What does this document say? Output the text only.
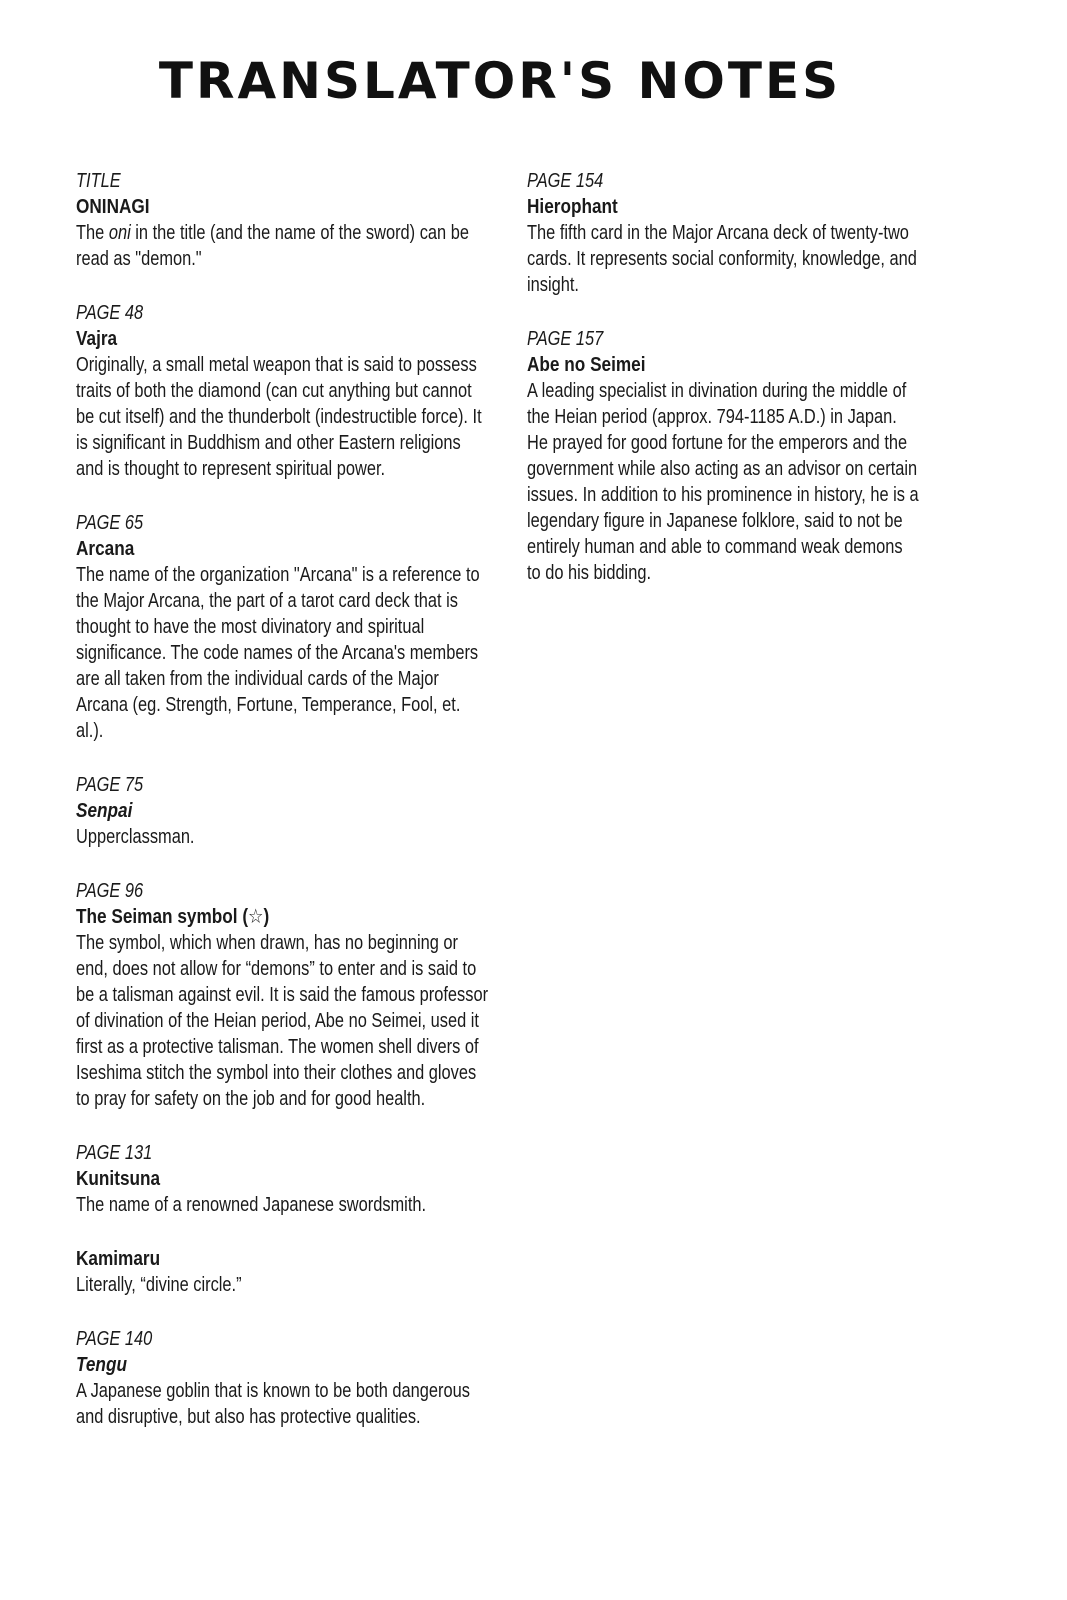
TRANSLATOR'S NOTES
TITLE
ONINAGI

The oni in the title (and the name of the sword) can be read as "demon."

PAGE 48
Vajra

Originally, a small metal weapon that is said to possess traits of both the diamond (can cut anything but cannot be cut itself) and the thunderbolt (indestructible force). It is significant in Buddhism and other Eastern religions and is thought to represent spiritual power.

PAGE 65
Arcana

The name of the organization "Arcana" is a reference to the Major Arcana, the part of a tarot card deck that is thought to have the most divinatory and spiritual significance. The code names of the Arcana's members are all taken from the individual cards of the Major Arcana (eg. Strength, Fortune, Temperance, Fool, et. al.).

PAGE 75
Senpai

Upperclassman.

PAGE 96
The Seiman symbol (☆)

The symbol, which when drawn, has no beginning or end, does not allow for “demons” to enter and is said to be a talisman against evil. It is said the famous professor of divination of the Heian period, Abe no Seimei, used it first as a protective talisman. The women shell divers of Iseshima stitch the symbol into their clothes and gloves to pray for safety on the job and for good health.

PAGE 131
Kunitsuna

The name of a renowned Japanese swordsmith.

Kamimaru

Literally, “divine circle.”

PAGE 140
Tengu

A Japanese goblin that is known to be both dangerous and disruptive, but also has protective qualities.

PAGE 154
Hierophant

The fifth card in the Major Arcana deck of twenty-two cards. It represents social conformity, knowledge, and insight.

PAGE 157
Abe no Seimei

A leading specialist in divination during the middle of the Heian period (approx. 794-1185 A.D.) in Japan. He prayed for good fortune for the emperors and the government while also acting as an advisor on certain issues. In addition to his prominence in history, he is a legendary figure in Japanese folklore, said to not be entirely human and able to command weak demons to do his bidding.
